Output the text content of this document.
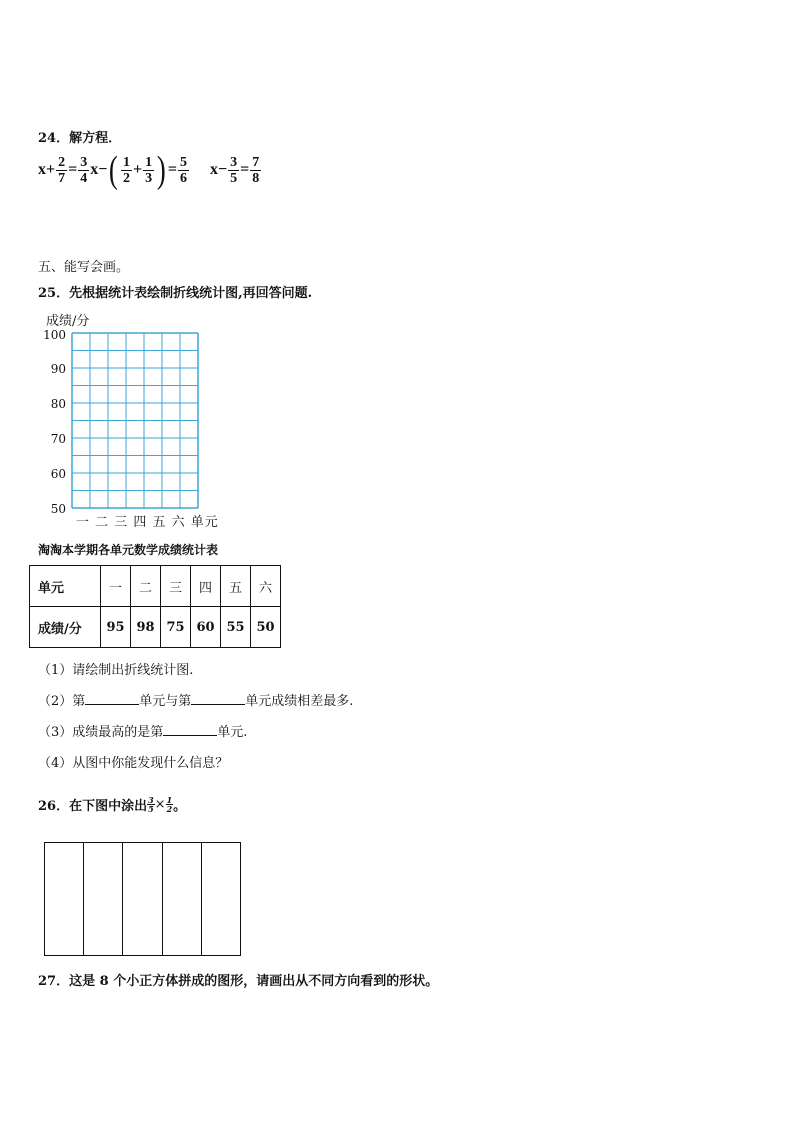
24．解方程．
$x+ \frac{2}{7} = \frac{3}{4} x-$ ( $\frac{1}{2} + \frac{1}{3}$ ) = $\frac{5}{6} x- \frac{3}{5} = \frac{7}{8}$
五、能写会画。
25．先根据统计表绘制折线统计图,再回答问题.
成绩/分
100
90
80
70
60
50
一 二 三 四 五 六 单元
淘淘本学期各单元数学成绩统计表
单元	一	二	三	四	五	六
成绩/分	95	98	75	60	55	50
（1）请绘制出折线统计图.
（2）第	单元与第	单元成绩相差最多.
（3）成绩最高的是第	单元.
（4）从图中你能发现什么信息？
26．在下图中涂出 $\frac{3}{5} \times \frac{1}{2}$ 。
27．这是 8 个小正方体拼成的图形，请画出从不同方向看到的形状。
